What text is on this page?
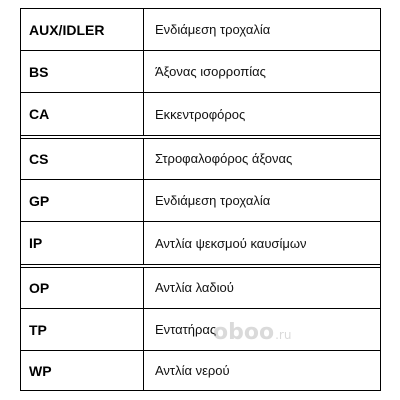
AUX/IDLER	Ενδιάμεση τροχαλία
BS	Άξονας ισορροπίας
CA	Εκκεντροφόρος
CS	Στροφαλοφόρος άξονας
GP	Ενδιάμεση τροχαλία
IP	Αντλία ψεκσμού καυσίμων
OP	Αντλία λαδιού
TP	Εντατήρας
WP	Αντλία νερού
oboo .ru
